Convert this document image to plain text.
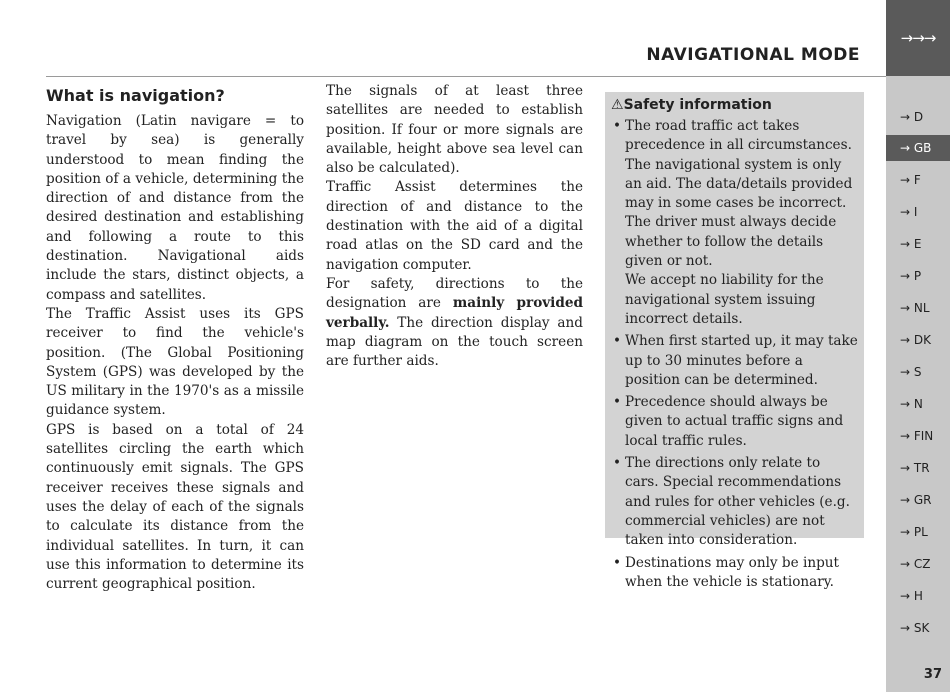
NAVIGATIONAL MODE
→→→
→ D
→ GB
→ F
→ I
→ E
→ P
→ NL
→ DK
→ S
→ N
→ FIN
→ TR
→ GR
→ PL
→ CZ
→ H
→ SK
37
What is navigation?

Navigation (Latin navigare = to travel by sea) is generally understood to mean finding the position of a vehicle, determining the direction of and distance from the desired destination and establishing and following a route to this destination. Navigational aids include the stars, distinct objects, a compass and satellites.

The Traffic Assist uses its GPS receiver to find the vehicle's position. (The Global Positioning System (GPS) was developed by the US military in the 1970's as a missile guidance system.

GPS is based on a total of 24 satellites circling the earth which continuously emit signals. The GPS receiver receives these signals and uses the delay of each of the signals to calculate its distance from the individual satellites. In turn, it can use this information to determine its current geographical position.

The signals of at least three satellites are needed to establish position. If four or more signals are available, height above sea level can also be calculated).

Traffic Assist determines the direction of and distance to the destination with the aid of a digital road atlas on the SD card and the navigation computer.

For safety, directions to the designation are mainly provided verbally. The direction display and map diagram on the touch screen are further aids.

⚠Safety information
• The road traffic act takes precedence in all circumstances. The navigational system is only an aid. The data/details provided may in some cases be incorrect. The driver must always decide whether to follow the details given or not.
We accept no liability for the navigational system issuing incorrect details.
• When first started up, it may take up to 30 minutes before a position can be determined.
• Precedence should always be given to actual traffic signs and local traffic rules.
• The directions only relate to cars. Special recommendations and rules for other vehicles (e.g. commercial vehicles) are not taken into consideration.
• Destinations may only be input when the vehicle is stationary.
